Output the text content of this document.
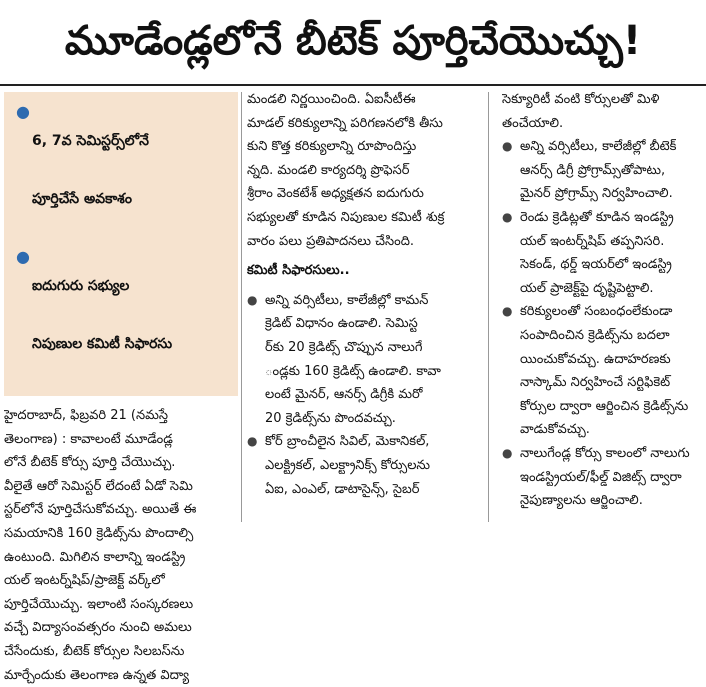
మూడేండ్లలోనే బీటెక్ పూర్తిచేయొచ్చు!
●

6, 7వ సెమిస్టర్స్‌లోనే

పూర్తిచేసే అవకాశం

●

ఐదుగురు సభ్యుల

నిపుణుల కమిటీ సిఫారసు

హైదరాబాద్, ఫిబ్రవరి 21 (నమస్తే
తెలంగాణ) : కావాలంటే మూడేండ్ల
లోనే బీటెక్ కోర్సు పూర్తి చేయొచ్చు.
వీలైతే ఆరో సెమిస్టర్ లేదంటే ఏడో సెమి
స్టర్‌లోనే పూర్తిచేసుకోవచ్చు. అయితే ఈ
సమయానికి 160 క్రెడిట్స్‌ను పొందాల్సి
ఉంటుంది. మిగిలిన కాలాన్ని ఇండస్ట్రి
యల్ ఇంటర్న్‌షిప్/ప్రాజెక్ట్ వర్క్‌లో
పూర్తిచేయొచ్చు. ఇలాంటి సంస్కరణలు
వచ్చే విద్యాసంవత్సరం నుంచి అమలు
చేసేందుకు, బీటెక్ కోర్సుల సిలబస్‌ను
మార్చేందుకు తెలంగాణ ఉన్నత విద్యా
మండలి నిర్ణయించింది. ఏఐసీటీఈ
మాడల్ కరిక్యులాన్ని పరిగణనలోకి తీసు
కుని కొత్త కరిక్యులాన్ని రూపొందిస్తు
న్నది. మండలి కార్యదర్శి ప్రొఫెసర్
శ్రీరాం వెంకటేశ్ అధ్యక్షతన ఐదుగురు
సభ్యులతో కూడిన నిపుణుల కమిటీ శుక్ర
వారం పలు ప్రతిపాదనలు చేసింది.
కమిటీ సిఫారసులు..
● అన్ని వర్సిటీలు, కాలేజీల్లో కామన్
క్రెడిట్ విధానం ఉండాలి. సెమిస్ట
ర్‌కు 20 క్రెడిట్స్ చొప్పున నాలుగే
ండ్లకు 160 క్రెడిట్స్ ఉండాలి. కావా
లంటే మైనర్, ఆనర్స్ డిగ్రీకి మరో
20 క్రెడిట్స్‌ను పొందవచ్చు.
● కోర్ బ్రాంచీలైన సివిల్, మెకానికల్,
ఎలక్ట్రికల్, ఎలక్ట్రానిక్స్ కోర్సులను
ఏఐ, ఎంఎల్, డాటాసైన్స్, సైబర్
సెక్యూరిటీ వంటి కోర్సులతో మిళి
తంచేయాలి.
● అన్ని వర్సిటీలు, కాలేజీల్లో బీటెక్
ఆనర్స్ డిగ్రీ ప్రోగ్రామ్స్‌తోపాటు,
మైనర్ ప్రోగ్రామ్స్ నిర్వహించాలి.
● రెండు క్రెడిట్లతో కూడిన ఇండస్ట్రి
యల్ ఇంటర్న్‌షిప్ తప్పనిసరి.
సెకండ్, థర్డ్ ఇయర్‌లో ఇండస్ట్రి
యల్ ప్రాజెక్ట్‌పై దృష్టిపెట్టాలి.
● కరిక్యులంతో సంబంధంలేకుండా
సంపాదించిన క్రెడిట్స్‌ను బదలా
యించుకోవచ్చు. ఉదాహరణకు
నాస్కామ్ నిర్వహించే సర్టిఫికెట్
కోర్సుల ద్వారా ఆర్జించిన క్రెడిట్స్‌ను
వాడుకోవచ్చు.
● నాలుగేండ్ల కోర్సు కాలంలో నాలుగు
ఇండస్ట్రియల్/ఫీల్డ్ విజిట్స్ ద్వారా
నైపుణ్యాలను ఆర్జించాలి.
